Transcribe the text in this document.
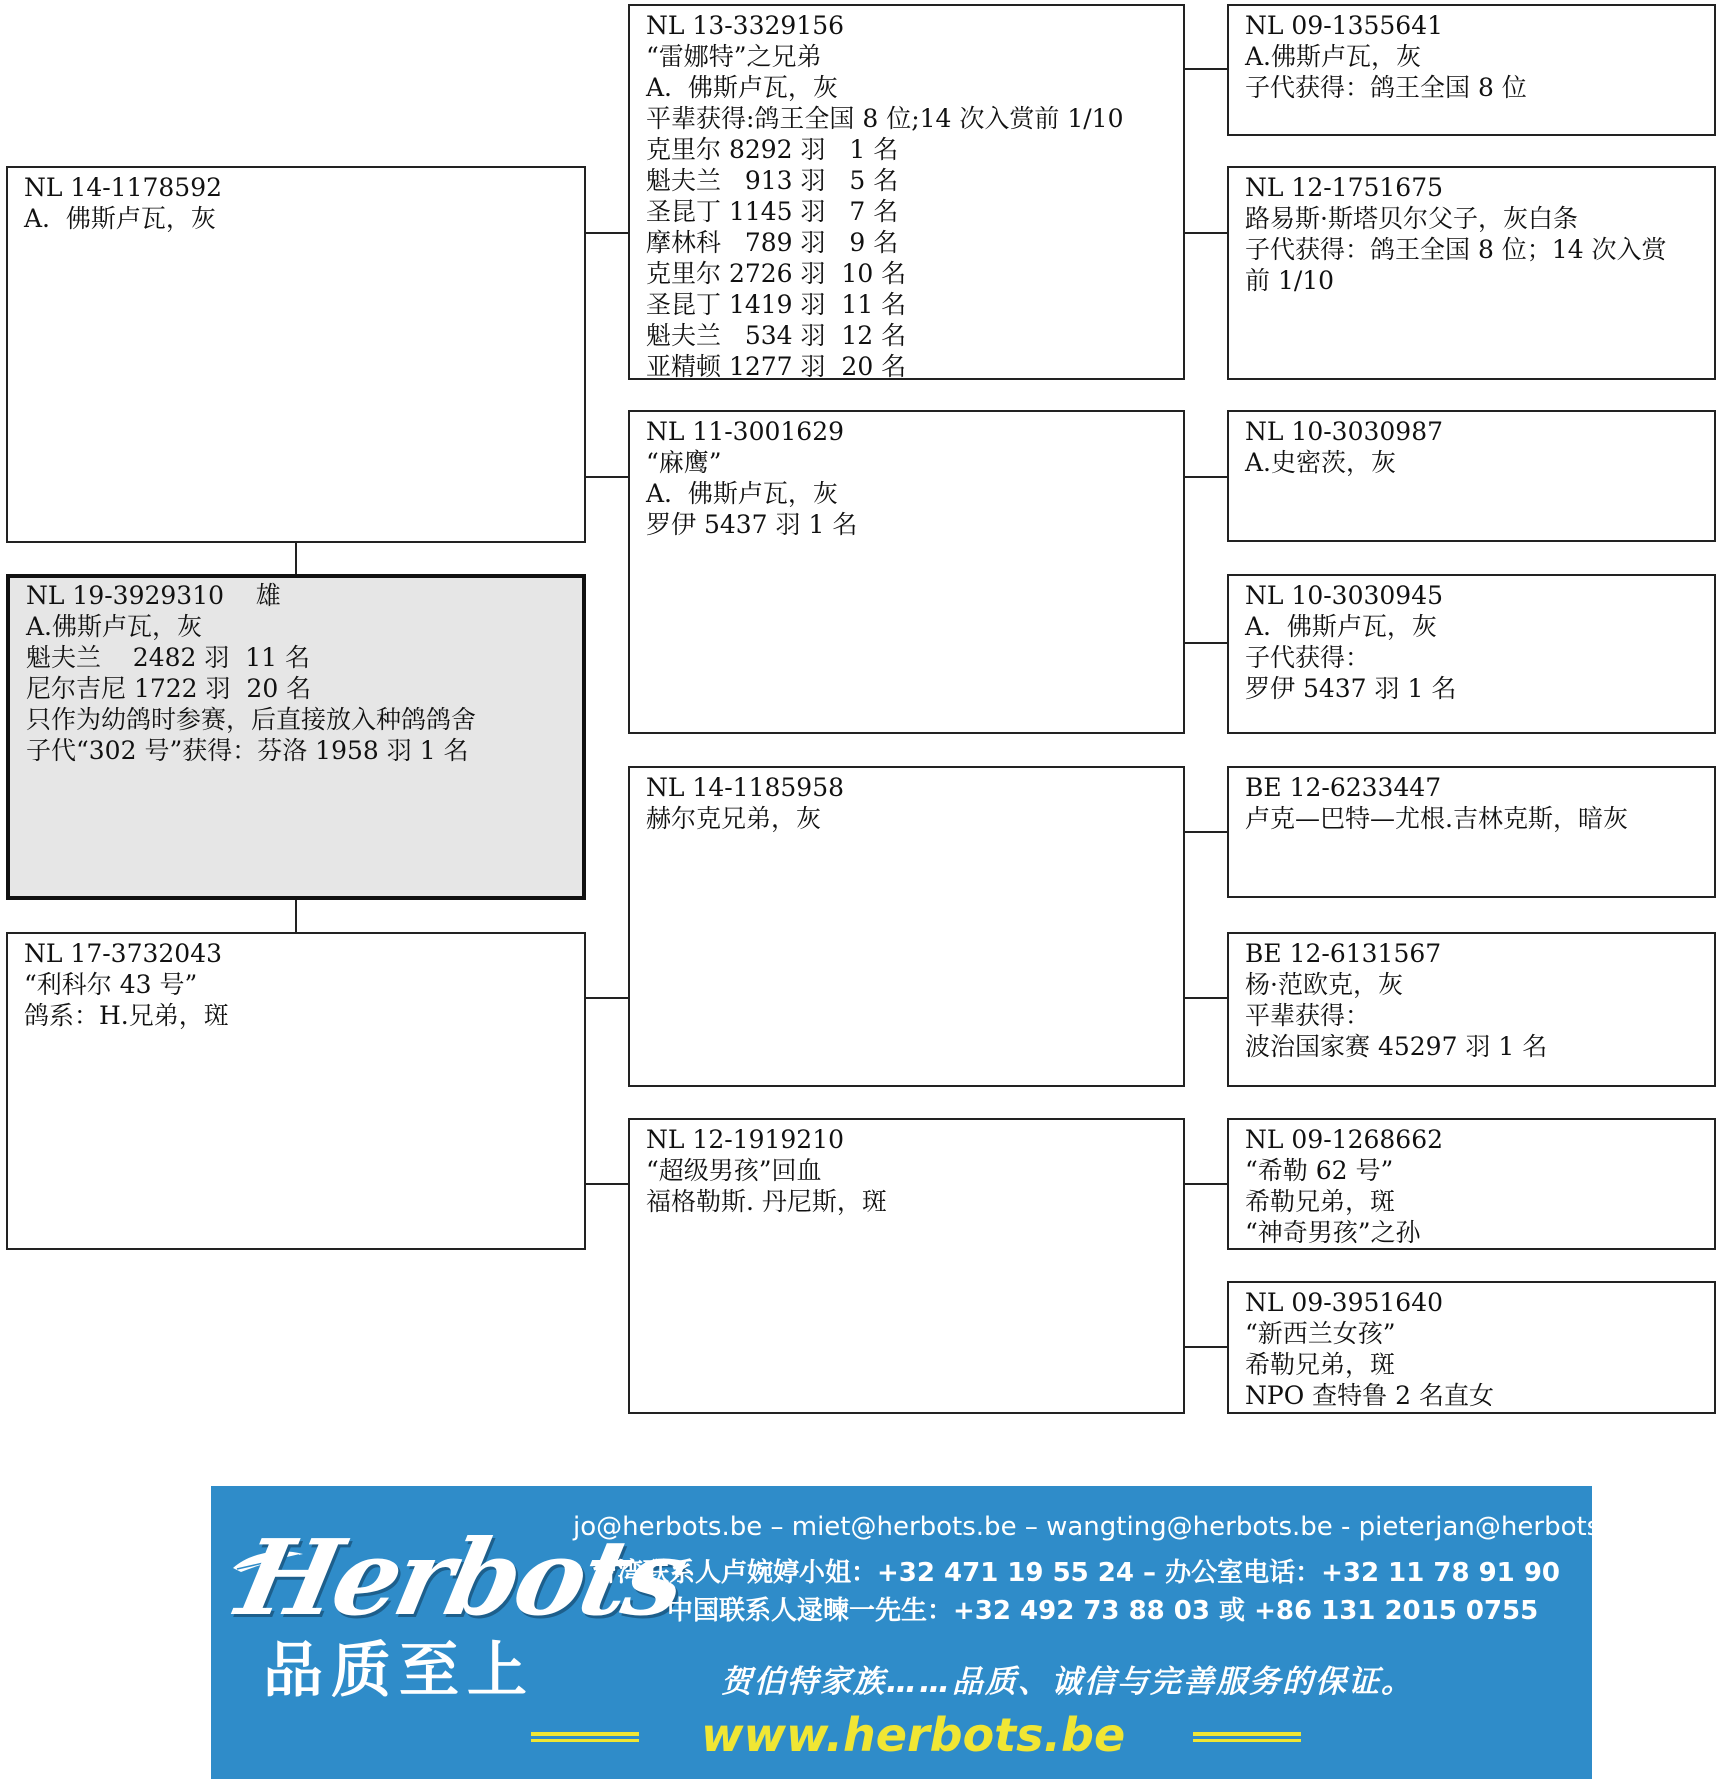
NL 14-1178592
A.  佛斯卢瓦，灰
NL 19-3929310    雄
A.佛斯卢瓦，灰
魁夫兰    2482 羽  11 名
尼尔吉尼 1722 羽  20 名
只作为幼鸽时参赛，后直接放入种鸽鸽舍
子代“302 号”获得：芬洛 1958 羽 1 名
NL 17-3732043
“利科尔 43 号”
鸽系：H.兄弟，斑
NL 13-3329156
“雷娜特”之兄弟
A.  佛斯卢瓦，灰
平辈获得:鸽王全国 8 位;14 次入赏前 1/10
克里尔 8292 羽   1 名
魁夫兰   913 羽   5 名
圣昆丁 1145 羽   7 名
摩林科   789 羽   9 名
克里尔 2726 羽  10 名
圣昆丁 1419 羽  11 名
魁夫兰   534 羽  12 名
亚精顿 1277 羽  20 名
NL 11-3001629
“麻鹰”
A.  佛斯卢瓦，灰
罗伊 5437 羽 1 名
NL 14-1185958
赫尔克兄弟，灰
NL 12-1919210
“超级男孩”回血
福格勒斯. 丹尼斯，斑
NL 09-1355641
A.佛斯卢瓦，灰
子代获得：鸽王全国 8 位
NL 12-1751675
路易斯·斯塔贝尔父子，灰白条
子代获得：鸽王全国 8 位；14 次入赏
前 1/10
NL 10-3030987
A.史密茨，灰
NL 10-3030945
A.  佛斯卢瓦，灰
子代获得：
罗伊 5437 羽 1 名
BE 12-6233447
卢克—巴特—尤根.吉林克斯，暗灰
BE 12-6131567
杨·范欧克，灰
平辈获得：
波治国家赛 45297 羽 1 名
NL 09-1268662
“希勒 62 号”
希勒兄弟，斑
“神奇男孩”之孙
NL 09-3951640
“新西兰女孩”
希勒兄弟，斑
NPO 查特鲁 2 名直女
Herbots
品质至上
jo@herbots.be – miet@herbots.be – wangting@herbots.be - pieterjan@herbots.be
台湾联系人卢婉婷小姐：+32 471 19 55 24 – 办公室电话：+32 11 78 91 90
中国联系人逯暕一先生：+32 492 73 88 03 或 +86 131 2015 0755
贺伯特家族……品质、诚信与完善服务的保证。
www.herbots.be
